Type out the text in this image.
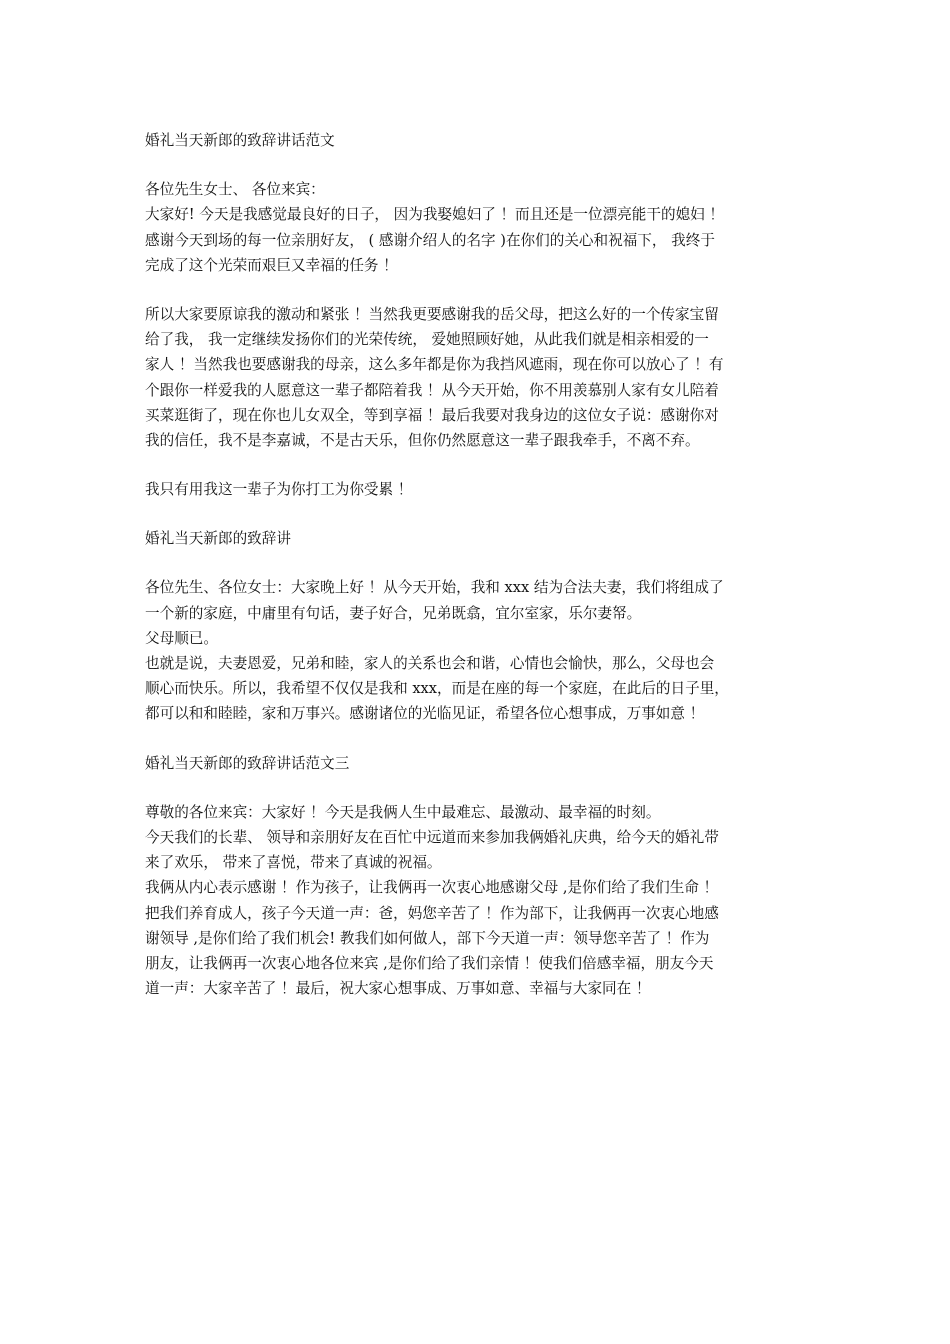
婚礼当天新郎的致辞讲话范文
各位先生女士、 各位来宾：
大家好! 今天是我感觉最良好的日子， 因为我娶媳妇了 ！而且还是一位漂亮能干的媳妇 ！
感谢今天到场的每一位亲朋好友， ( 感谢介绍人的名字 )在你们的关心和祝福下， 我终于
完成了这个光荣而艰巨又幸福的任务 ！
所以大家要原谅我的激动和紧张 ！当然我更要感谢我的岳父母，把这么好的一个传家宝留
给了我， 我一定继续发扬你们的光荣传统， 爱她照顾好她，从此我们就是相亲相爱的一
家人 ！当然我也要感谢我的母亲，这么多年都是你为我挡风遮雨，现在你可以放心了 ！有
个跟你一样爱我的人愿意这一辈子都陪着我 ！从今天开始，你不用羡慕别人家有女儿陪着
买菜逛街了，现在你也儿女双全，等到享福 ！最后我要对我身边的这位女子说：感谢你对
我的信任，我不是李嘉诚，不是古天乐，但你仍然愿意这一辈子跟我牵手，不离不弃。
我只有用我这一辈子为你打工为你受累 ！
婚礼当天新郎的致辞讲
各位先生、各位女士：大家晚上好 ！从今天开始，我和 xxx 结为合法夫妻，我们将组成了
一个新的家庭，中庸里有句话，妻子好合，兄弟既翕，宜尔室家，乐尔妻帑。
父母顺已。
也就是说，夫妻恩爱，兄弟和睦，家人的关系也会和谐，心情也会愉快，那么，父母也会
顺心而快乐。所以，我希望不仅仅是我和 xxx，而是在座的每一个家庭，在此后的日子里，
都可以和和睦睦，家和万事兴。感谢诸位的光临见证，希望各位心想事成，万事如意 ！
婚礼当天新郎的致辞讲话范文三
尊敬的各位来宾：大家好 ！今天是我俩人生中最难忘、最激动、最幸福的时刻。
今天我们的长辈、 领导和亲朋好友在百忙中远道而来参加我俩婚礼庆典，给今天的婚礼带
来了欢乐， 带来了喜悦，带来了真诚的祝福。
我俩从内心表示感谢 ！作为孩子，让我俩再一次衷心地感谢父母 ,是你们给了我们生命 ！
把我们养育成人，孩子今天道一声：爸，妈您辛苦了 ！作为部下，让我俩再一次衷心地感
谢领导 ,是你们给了我们机会! 教我们如何做人，部下今天道一声：领导您辛苦了 ！作为
朋友，让我俩再一次衷心地各位来宾 ,是你们给了我们亲情 ！使我们倍感幸福，朋友今天
道一声：大家辛苦了 ！最后，祝大家心想事成、万事如意、幸福与大家同在 ！
